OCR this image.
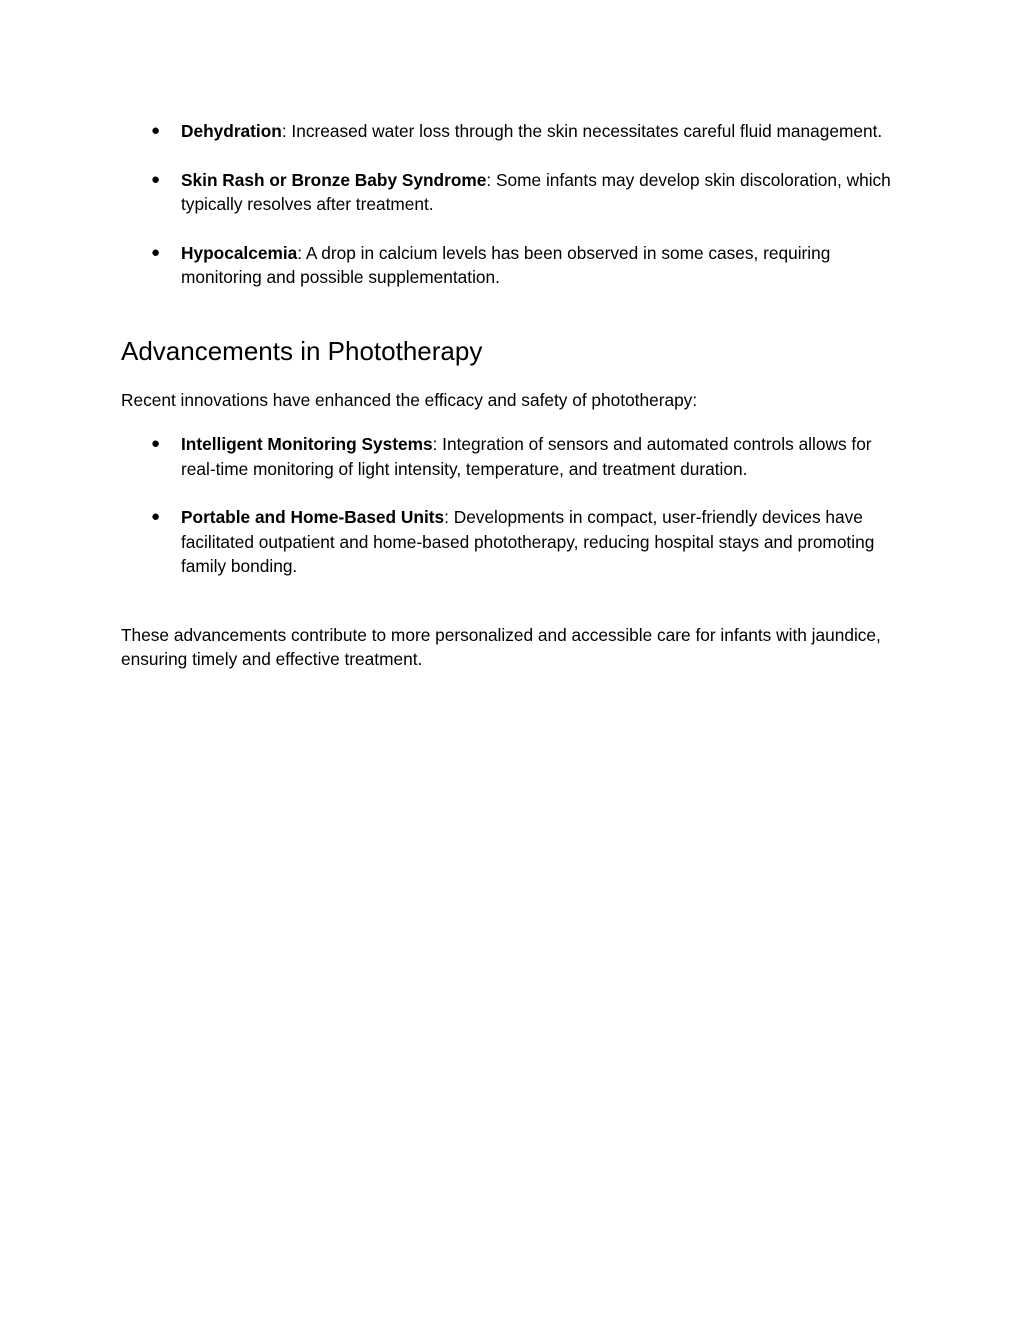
● Dehydration: Increased water loss through the skin necessitates careful fluid management.
● Skin Rash or Bronze Baby Syndrome: Some infants may develop skin discoloration, which typically resolves after treatment.
● Hypocalcemia: A drop in calcium levels has been observed in some cases, requiring monitoring and possible supplementation.
Advancements in Phototherapy

Recent innovations have enhanced the efficacy and safety of phototherapy:

● Intelligent Monitoring Systems: Integration of sensors and automated controls allows for real-time monitoring of light intensity, temperature, and treatment duration.
● Portable and Home-Based Units: Developments in compact, user-friendly devices have facilitated outpatient and home-based phototherapy, reducing hospital stays and promoting family bonding.

These advancements contribute to more personalized and accessible care for infants with jaundice, ensuring timely and effective treatment.
